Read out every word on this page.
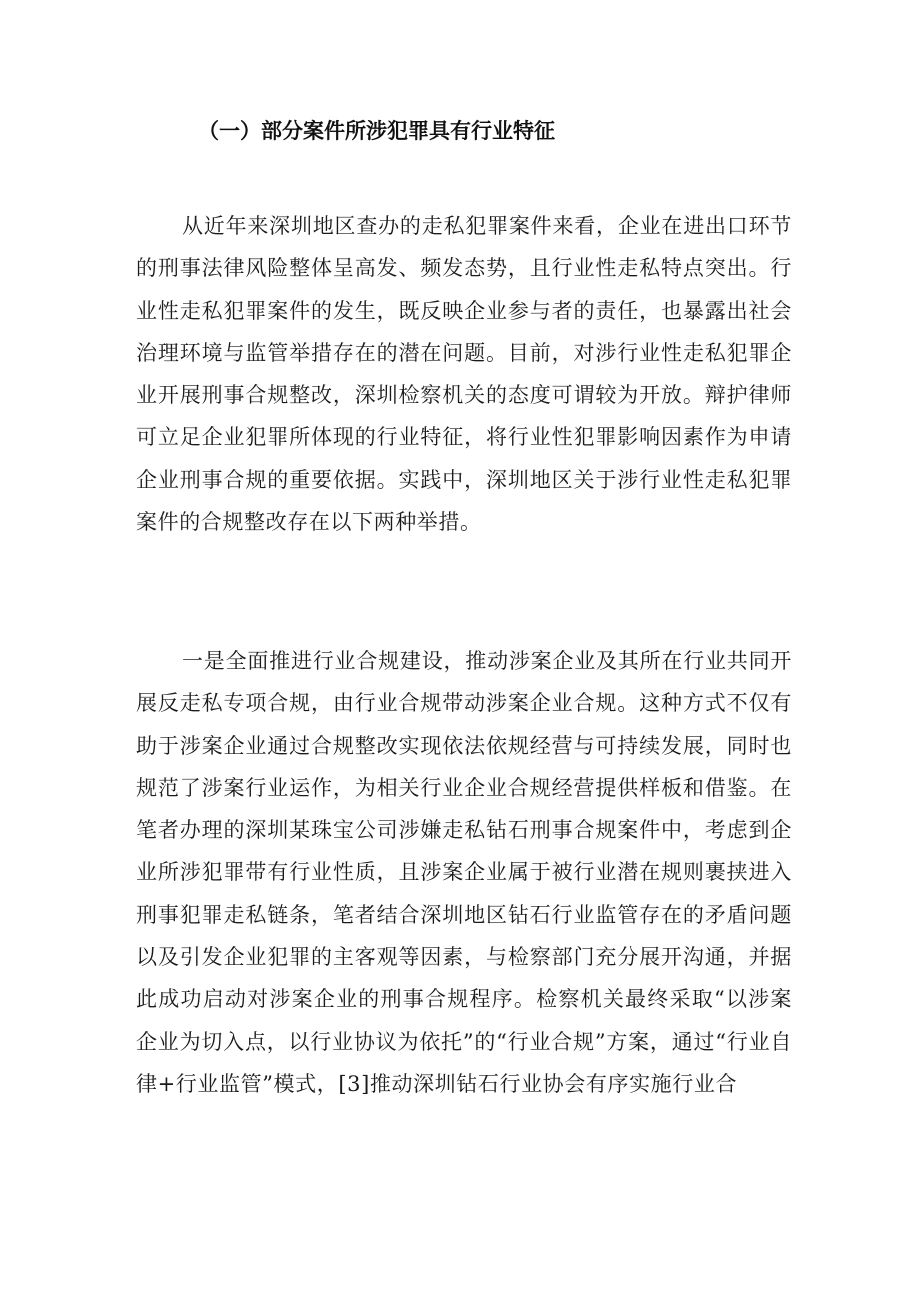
（一）部分案件所涉犯罪具有行业特征

从近年来深圳地区查办的走私犯罪案件来看，企业在进出口环节的刑事法律风险整体呈高发、频发态势，且行业性走私特点突出。行业性走私犯罪案件的发生，既反映企业参与者的责任，也暴露出社会治理环境与监管举措存在的潜在问题。目前，对涉行业性走私犯罪企业开展刑事合规整改，深圳检察机关的态度可谓较为开放。辩护律师可立足企业犯罪所体现的行业特征，将行业性犯罪影响因素作为申请企业刑事合规的重要依据。实践中，深圳地区关于涉行业性走私犯罪案件的合规整改存在以下两种举措。

一是全面推进行业合规建设，推动涉案企业及其所在行业共同开展反走私专项合规，由行业合规带动涉案企业合规。这种方式不仅有助于涉案企业通过合规整改实现依法依规经营与可持续发展，同时也规范了涉案行业运作，为相关行业企业合规经营提供样板和借鉴。在笔者办理的深圳某珠宝公司涉嫌走私钻石刑事合规案件中，考虑到企业所涉犯罪带有行业性质，且涉案企业属于被行业潜在规则裹挟进入刑事犯罪走私链条，笔者结合深圳地区钻石行业监管存在的矛盾问题以及引发企业犯罪的主客观等因素，与检察部门充分展开沟通，并据此成功启动对涉案企业的刑事合规程序。检察机关最终采取“以涉案企业为切入点，以行业协议为依托”的“行业合规”方案，通过“行业自律+行业监管”模式，[3]推动深圳钻石行业协会有序实施行业合
